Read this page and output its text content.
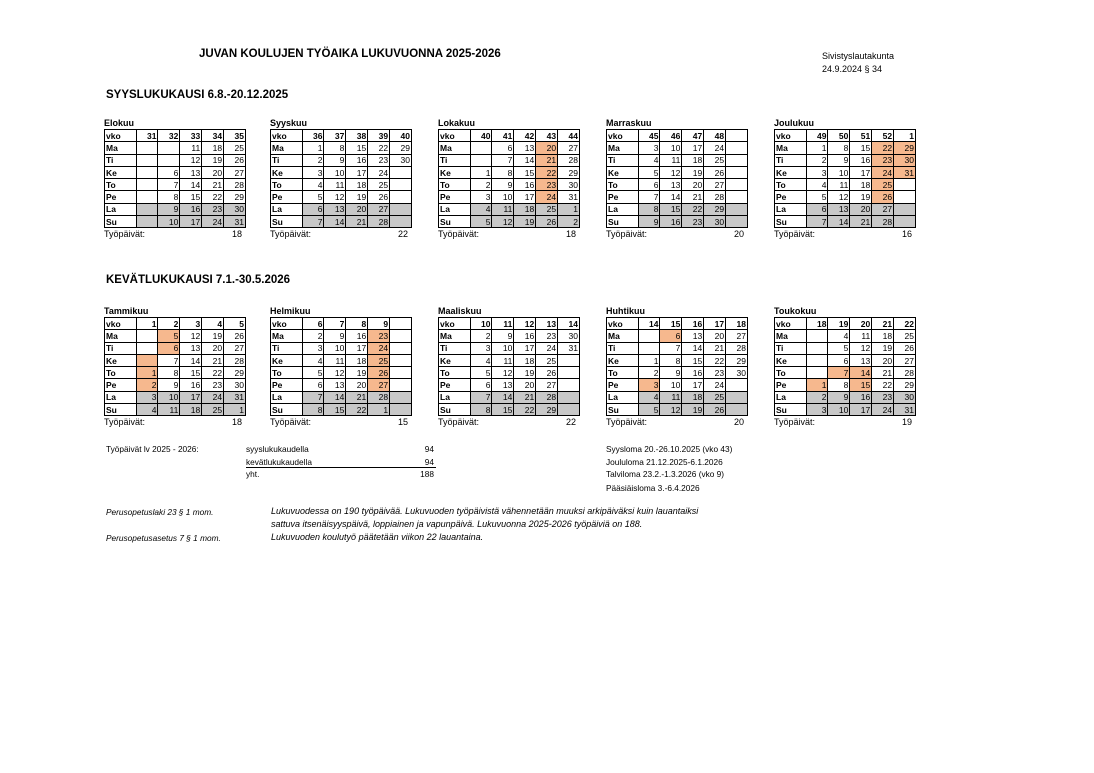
JUVAN KOULUJEN TYÖAIKA LUKUVUONNA 2025-2026	Sivistyslautakunta
24.9.2024 § 34
SYYSLUKUKAUSI 6.8.-20.12.2025
KEVÄTLUKUKAUSI 7.1.-30.5.2026
Elokuu
vko	31	32	33	34	35
Ma			11	18	25
Ti			12	19	26
Ke		6	13	20	27
To		7	14	21	28
Pe		8	15	22	29
La		9	16	23	30
Su		10	17	24	31
Työpäivät:	18
Syyskuu
vko	36	37	38	39	40
Ma	1	8	15	22	29
Ti	2	9	16	23	30
Ke	3	10	17	24	
To	4	11	18	25	
Pe	5	12	19	26	
La	6	13	20	27	
Su	7	14	21	28	
Työpäivät:	22
Lokakuu
vko	40	41	42	43	44
Ma		6	13	20	27
Ti		7	14	21	28
Ke	1	8	15	22	29
To	2	9	16	23	30
Pe	3	10	17	24	31
La	4	11	18	25	1
Su	5	12	19	26	2
Työpäivät:	18
Marraskuu
vko	45	46	47	48	
Ma	3	10	17	24	
Ti	4	11	18	25	
Ke	5	12	19	26	
To	6	13	20	27	
Pe	7	14	21	28	
La	8	15	22	29	
Su	9	16	23	30	
Työpäivät:	20
Joulukuu
vko	49	50	51	52	1
Ma	1	8	15	22	29
Ti	2	9	16	23	30
Ke	3	10	17	24	31
To	4	11	18	25	
Pe	5	12	19	26	
La	6	13	20	27	
Su	7	14	21	28	
Työpäivät:	16
Tammikuu
vko	1	2	3	4	5
Ma		5	12	19	26
Ti		6	13	20	27
Ke		7	14	21	28
To	1	8	15	22	29
Pe	2	9	16	23	30
La	3	10	17	24	31
Su	4	11	18	25	1
Työpäivät:	18
Helmikuu
vko	6	7	8	9	
Ma	2	9	16	23	
Ti	3	10	17	24	
Ke	4	11	18	25	
To	5	12	19	26	
Pe	6	13	20	27	
La	7	14	21	28	
Su	8	15	22	1	
Työpäivät:	15
Maaliskuu
vko	10	11	12	13	14
Ma	2	9	16	23	30
Ti	3	10	17	24	31
Ke	4	11	18	25	
To	5	12	19	26	
Pe	6	13	20	27	
La	7	14	21	28	
Su	8	15	22	29	
Työpäivät:	22
Huhtikuu
vko	14	15	16	17	18
Ma		6	13	20	27
Ti		7	14	21	28
Ke	1	8	15	22	29
To	2	9	16	23	30
Pe	3	10	17	24	
La	4	11	18	25	
Su	5	12	19	26	
Työpäivät:	20
Toukokuu
vko	18	19	20	21	22
Ma		4	11	18	25
Ti		5	12	19	26
Ke		6	13	20	27
To		7	14	21	28
Pe	1	8	15	22	29
La	2	9	16	23	30
Su	3	10	17	24	31
Työpäivät:	19
Työpäivät lv 2025 - 2026:	syyslukukaudella	94
kevätlukukaudella	94
yht.	188
Syysloma 20.-26.10.2025 (vko 43)
Joululoma 21.12.2025-6.1.2026
Talviloma 23.2.-1.3.2026 (vko 9)
Pääsiäisloma 3.-6.4.2026
Perusopetuslaki 23 § 1 mom.	Lukuvuodessa on 190 työpäivää. Lukuvuoden työpäivistä vähennetään muuksi arkipäiväksi kuin lauantaiksi
sattuva itsenäisyyspäivä, loppiainen ja vapunpäivä. Lukuvuonna 2025-2026 työpäiviä on 188.
Perusopetusasetus 7 § 1 mom.	Lukuvuoden koulutyö päätetään viikon 22 lauantaina.
